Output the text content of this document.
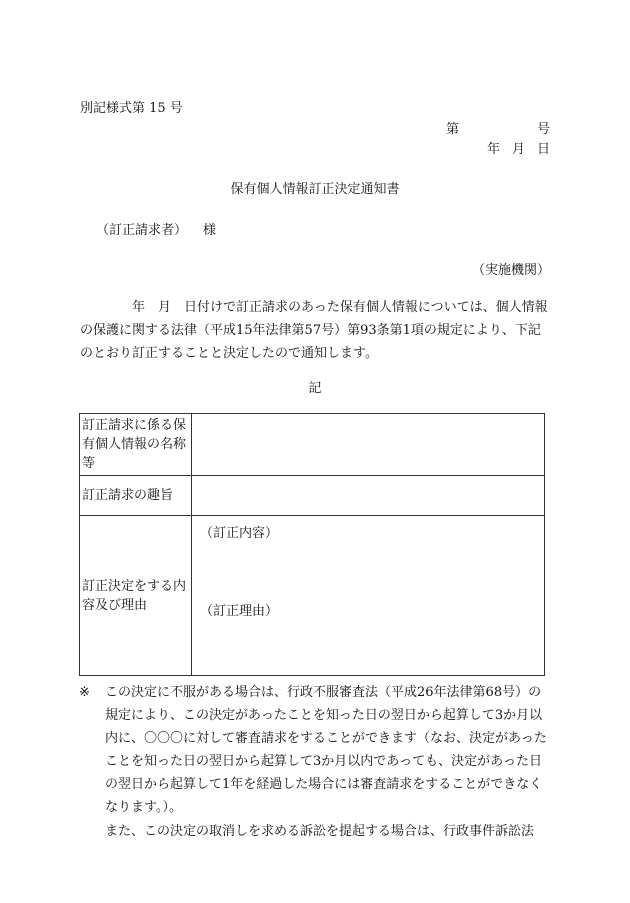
別記様式第 15 号
第	号
年 月 日
保有個人情報訂正決定通知書
（訂正請求者） 様
（実施機関）
年　月　日付けで訂正請求のあった保有個人情報については、個人情報の保護に関する法律（平成15年法律第57号）第93条第1項の規定により、下記のとおり訂正することと決定したので通知します。
記
訂正請求に係る保有個人情報の名称等	
訂正請求の趣旨	
訂正決定をする内容及び理由	（訂正内容）
（訂正理由）
※ この決定に不服がある場合は、行政不服審査法（平成26年法律第68号）の規定により、この決定があったことを知った日の翌日から起算して3か月以内に、〇〇〇に対して審査請求をすることができます（なお、決定があったことを知った日の翌日から起算して3か月以内であっても、決定があった日の翌日から起算して1年を経過した場合には審査請求をすることができなくなります。）。
また、この決定の取消しを求める訴訟を提起する場合は、行政事件訴訟法
